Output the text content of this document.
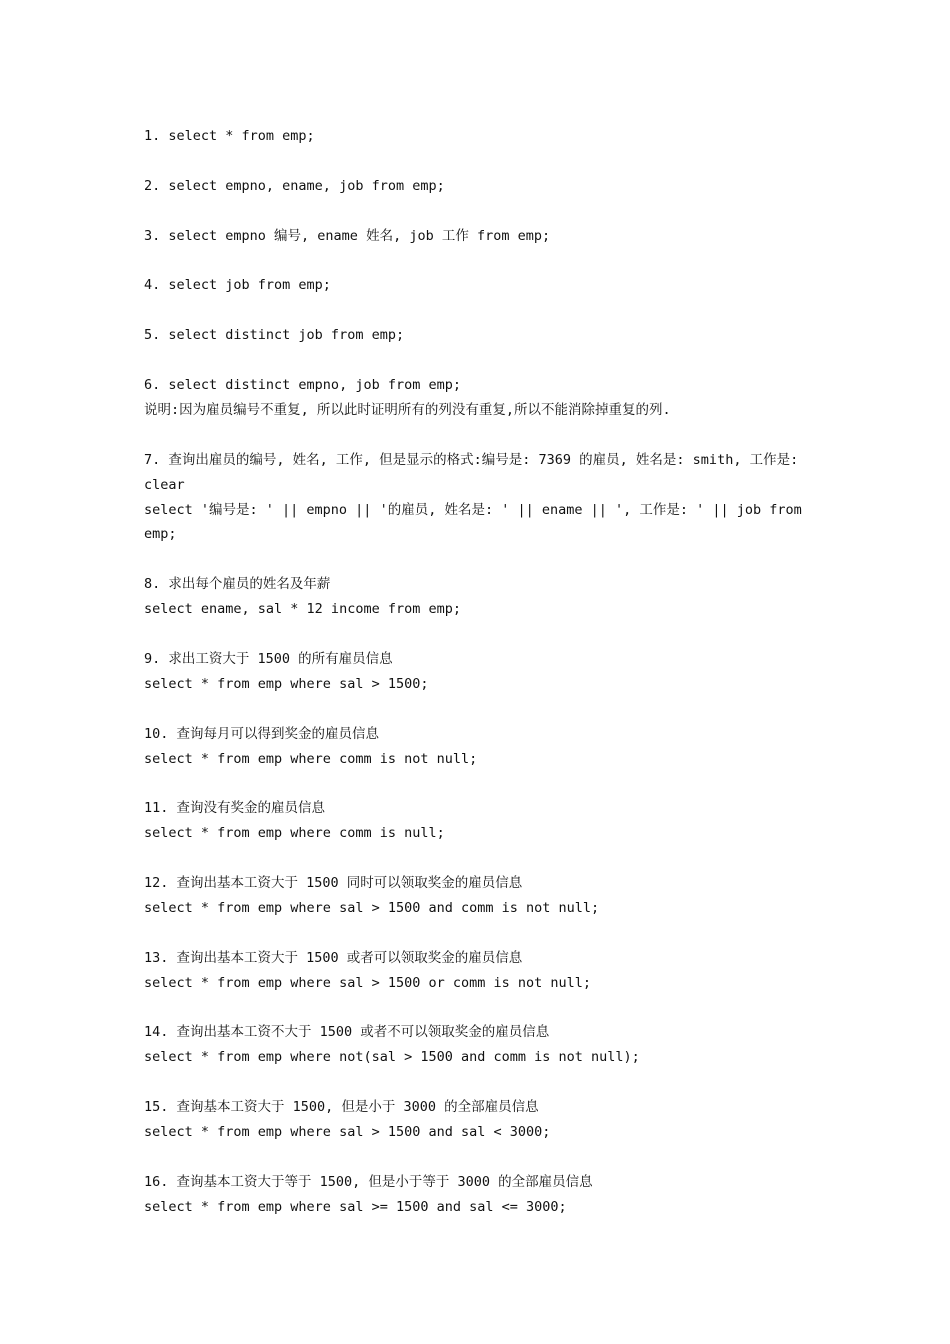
1. select * from emp;
2. select empno, ename, job from emp;
3. select empno 编号, ename 姓名, job 工作 from emp;
4. select job from emp;
5. select distinct job from emp;
6. select distinct empno, job from emp;
说明:因为雇员编号不重复, 所以此时证明所有的列没有重复,所以不能消除掉重复的列.
7. 查询出雇员的编号, 姓名, 工作, 但是显示的格式:编号是: 7369 的雇员, 姓名是: smith, 工作是: clear
select '编号是: ' || empno || '的雇员, 姓名是: ' || ename || ', 工作是: ' || job from emp;
8. 求出每个雇员的姓名及年薪
select ename, sal * 12 income from emp;
9. 求出工资大于 1500 的所有雇员信息
select * from emp where sal > 1500;
10. 查询每月可以得到奖金的雇员信息
select * from emp where comm is not null;
11. 查询没有奖金的雇员信息
select * from emp where comm is null;
12. 查询出基本工资大于 1500 同时可以领取奖金的雇员信息
select * from emp where sal > 1500 and comm is not null;
13. 查询出基本工资大于 1500 或者可以领取奖金的雇员信息
select * from emp where sal > 1500 or comm is not null;
14. 查询出基本工资不大于 1500 或者不可以领取奖金的雇员信息
select * from emp where not(sal > 1500 and comm is not null);
15. 查询基本工资大于 1500, 但是小于 3000 的全部雇员信息
select * from emp where sal > 1500 and sal < 3000;
16. 查询基本工资大于等于 1500, 但是小于等于 3000 的全部雇员信息
select * from emp where sal >= 1500 and sal <= 3000;
